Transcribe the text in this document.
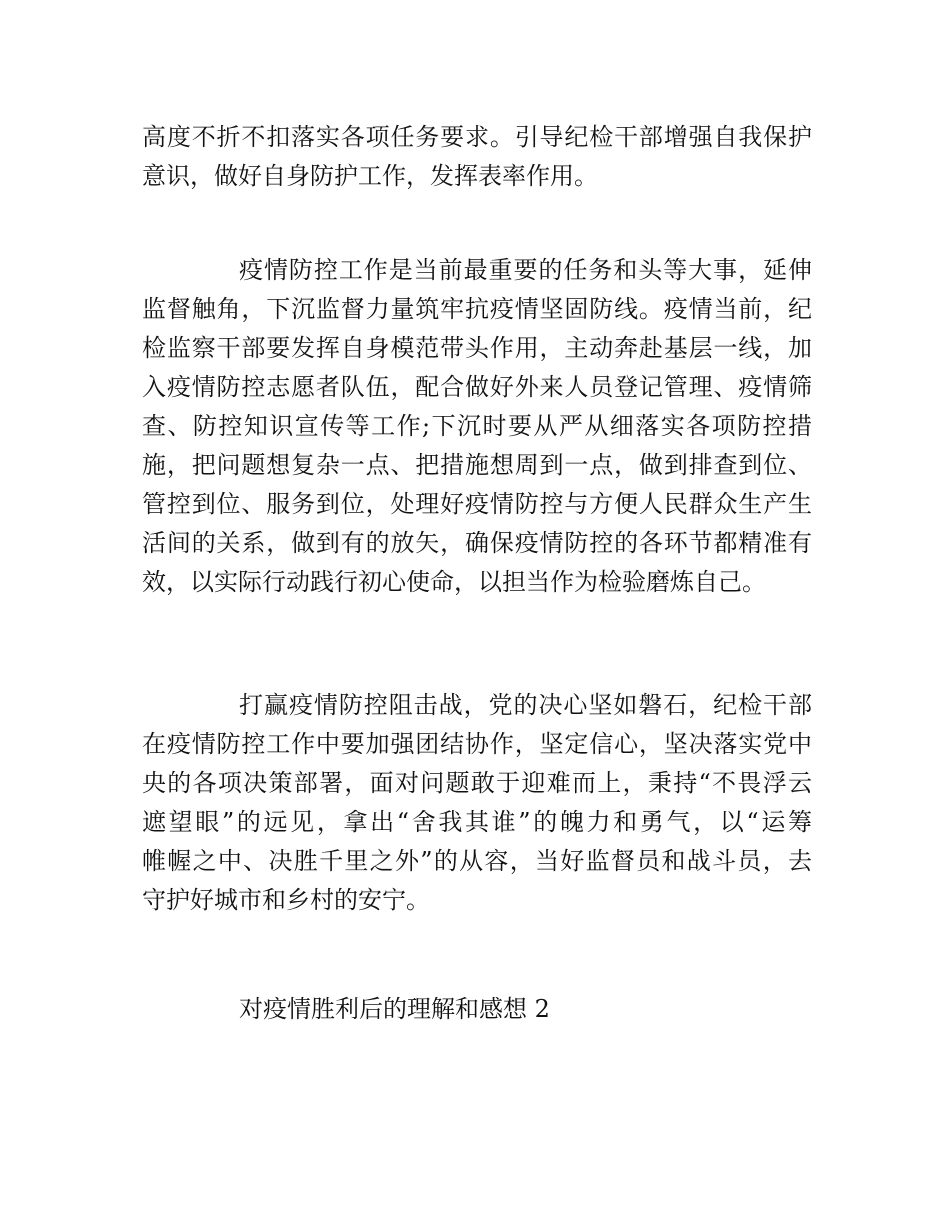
高度不折不扣落实各项任务要求。引导纪检干部增强自我保护
意识，做好自身防护工作，发挥表率作用。
疫情防控工作是当前最重要的任务和头等大事，延伸
监督触角，下沉监督力量筑牢抗疫情坚固防线。疫情当前，纪
检监察干部要发挥自身模范带头作用，主动奔赴基层一线，加
入疫情防控志愿者队伍，配合做好外来人员登记管理、疫情筛
查、防控知识宣传等工作;下沉时要从严从细落实各项防控措
施，把问题想复杂一点、把措施想周到一点，做到排查到位、
管控到位、服务到位，处理好疫情防控与方便人民群众生产生
活间的关系，做到有的放矢，确保疫情防控的各环节都精准有
效，以实际行动践行初心使命，以担当作为检验磨炼自己。
打赢疫情防控阻击战，党的决心坚如磐石，纪检干部
在疫情防控工作中要加强团结协作，坚定信心，坚决落实党中
央的各项决策部署，面对问题敢于迎难而上，秉持“不畏浮云
遮望眼”的远见，拿出“舍我其谁”的魄力和勇气，以“运筹
帷幄之中、决胜千里之外”的从容，当好监督员和战斗员，去
守护好城市和乡村的安宁。
对疫情胜利后的理解和感想 2
